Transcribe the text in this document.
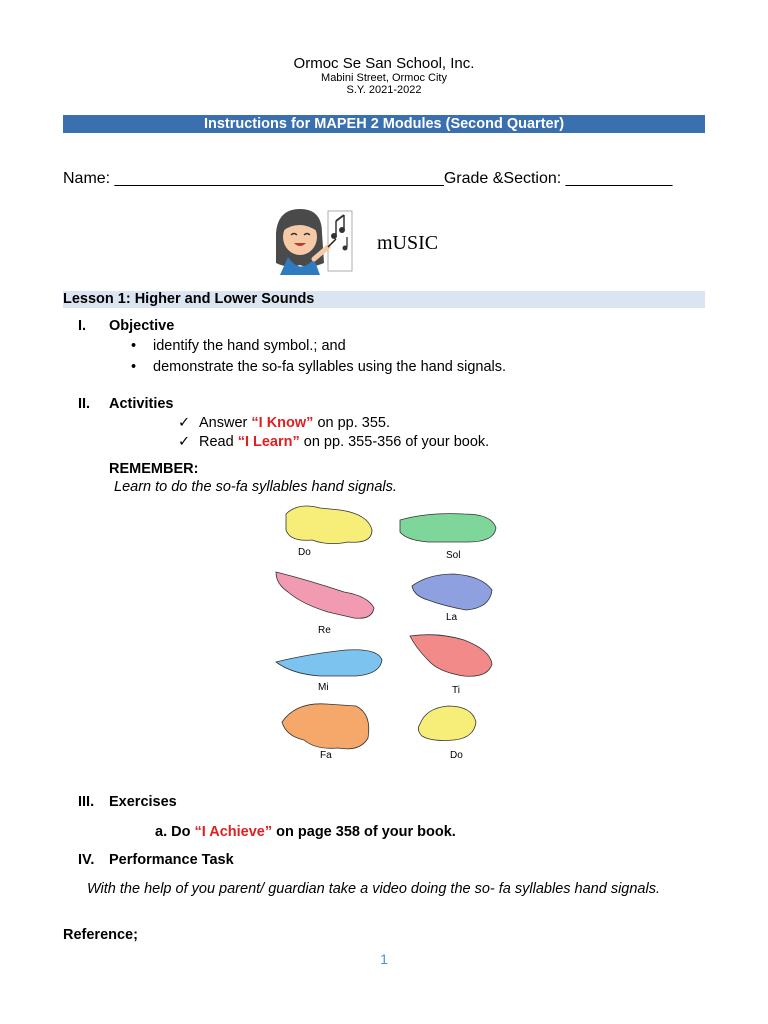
Ormoc Se San School, Inc.
Mabini Street, Ormoc City
S.Y. 2021-2022
Instructions for MAPEH 2 Modules (Second Quarter)
Name: _____________________________________Grade &Section: ____________
mUSIC
Lesson 1: Higher and Lower Sounds
I. Objective
• identify the hand symbol.; and
• demonstrate the so-fa syllables using the hand signals.
II. Activities
✓ Answer “I Know” on pp. 355.
✓ Read “I Learn” on pp. 355-356 of your book.
REMEMBER:
Learn to do the so-fa syllables hand signals.
Do
Re
Mi
Fa
Sol
La
Ti
Do
III. Exercises
a. Do “I Achieve” on page 358 of your book.
IV. Performance Task
With the help of you parent/ guardian take a video doing the so- fa syllables hand signals.
Reference;
1
